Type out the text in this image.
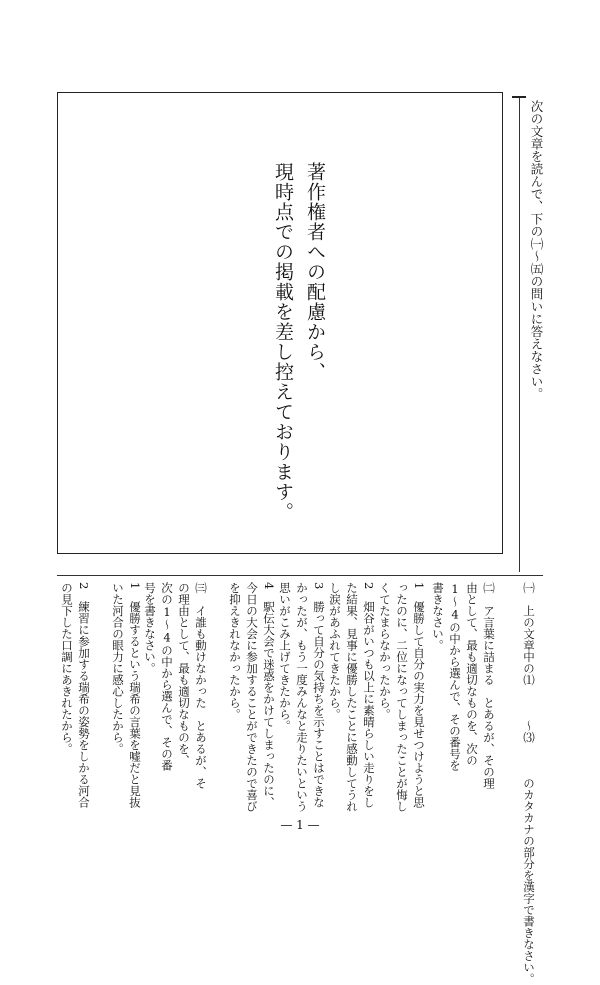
著作権者への配慮から、
現時点での掲載を差し控えております。	次の文章を読んで、下の㈠〜㈤の問いに答えなさい。
㈠　上の文章中の⑴　　　〜⑶　　　のカタカナの部分を漢字で書きなさい。
㈡　ア言葉に詰まる　とあるが、その理
由として、最も適切なものを、次の
1〜4の中から選んで、その番号を
書きなさい。
1　優勝して自分の実力を見せつけようと思ったのに、二位になってしまったことが悔しくてたまらなかったから。
2　畑谷がいつも以上に素晴らしい走りをした結果、見事に優勝したことに感動してうれし涙があふれてきたから。
3　勝って自分の気持ちを示すことはできなかったが、もう一度みんなと走りたいという思いがこみ上げてきたから。
4　駅伝大会で迷惑をかけてしまったのに、今日の大会に参加することができたので喜びを抑えきれなかったから。
㈢　イ誰も動けなかった　とあるが、そ
の理由として、最も適切なものを、
次の1〜4の中から選んで、その番
号を書きなさい。
1　優勝するという瑞希の言葉を嘘だと見抜いた河合の眼力に感心したから。
2　練習に参加する瑞希の姿勢をしかる河合の見下した口調にあきれたから。
— 1 —
